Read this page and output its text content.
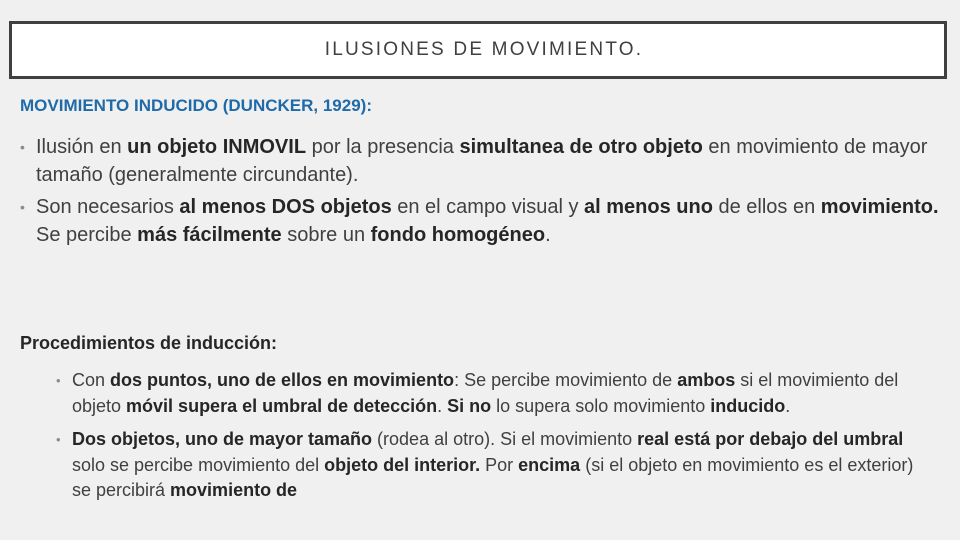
ILUSIONES DE MOVIMIENTO.
MOVIMIENTO INDUCIDO (DUNCKER, 1929):
• Ilusión en un objeto INMOVIL por la presencia simultanea de otro objeto en movimiento de mayor tamaño (generalmente circundante).
• Son necesarios al menos DOS objetos en el campo visual y al menos uno de ellos en movimiento. Se percibe más fácilmente sobre un fondo homogéneo.
Procedimientos de inducción:
• Con dos puntos, uno de ellos en movimiento: Se percibe movimiento de ambos si el movimiento del objeto móvil supera el umbral de detección. Si no lo supera solo movimiento inducido.
• Dos objetos, uno de mayor tamaño (rodea al otro). Si el movimiento real está por debajo del umbral solo se percibe movimiento del objeto del interior. Por encima (si el objeto en movimiento es el exterior) se percibirá movimiento de
